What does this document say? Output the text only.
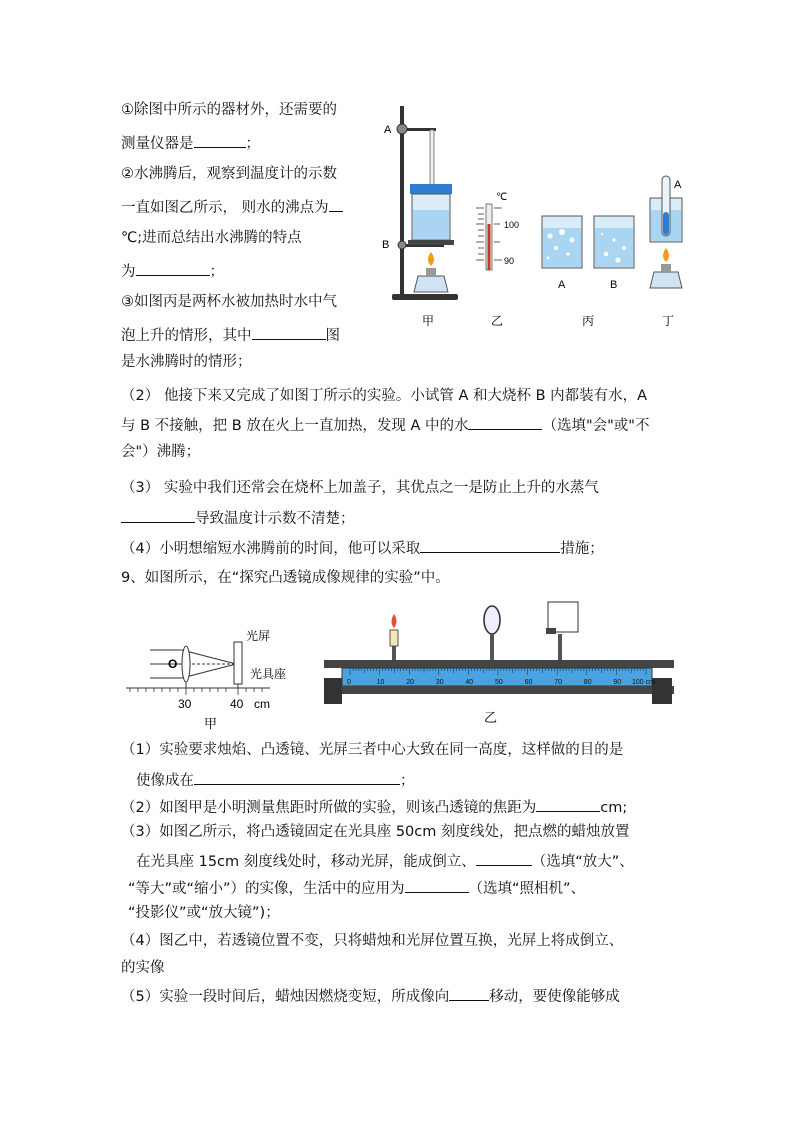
①除图中所示的器材外，还需要的
测量仪器是	；
②水沸腾后，观察到温度计的示数
一直如图乙所示， 则水的沸点为
℃;进而总结出水沸腾的特点
为	；
③如图丙是两杯水被加热时水中气
泡上升的情形，其中	图
是水沸腾时的情形；
（2） 他接下来又完成了如图丁所示的实验。小试管 A 和大烧杯 B 内都装有水，A
与 B 不接触，把 B 放在火上一直加热，发现 A 中的水	（选填"会"或"不
会"）沸腾；
（3） 实验中我们还常会在烧杯上加盖子，其优点之一是防止上升的水蒸气
导致温度计示数不清楚；
（4）小明想缩短水沸腾前的时间，他可以采取	措施；
A
B
甲
℃
100
90
乙
A	B
丙
A
丁
9、如图所示，在“探究凸透镜成像规律的实验”中。
O
光屏
光具座
30	40 cm
甲
0	10	20	30	40	50	60	70	80	90 100 cm
乙
（1）实验要求烛焰、凸透镜、光屏三者中心大致在同一高度，这样做的目的是
使像成在	；
（2）如图甲是小明测量焦距时所做的实验，则该凸透镜的焦距为	cm;
（3）如图乙所示，将凸透镜固定在光具座 50cm 刻度线处，把点燃的蜡烛放置
在光具座 15cm 刻度线处时，移动光屏，能成倒立、	（选填“放大”、
“等大”或“缩小”）的实像，生活中的应用为	（选填“照相机”、
“投影仪”或“放大镜”)；
（4）图乙中，若透镜位置不变，只将蜡烛和光屏位置互换，光屏上将成倒立、
的实像
（5）实验一段时间后，蜡烛因燃烧变短，所成像向	移动，要使像能够成
